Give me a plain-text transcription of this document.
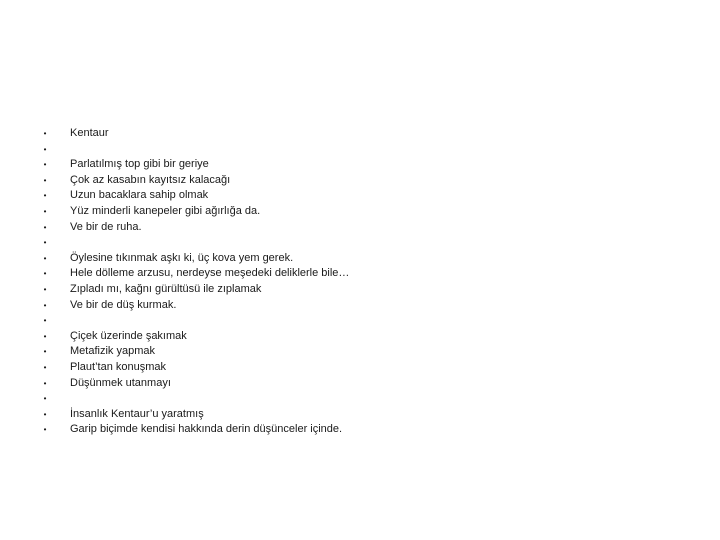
•	Kentaur
•
•	Parlatılmış top gibi bir geriye
•	Çok az kasabın kayıtsız kalacağı
•	Uzun bacaklara sahip olmak
•	Yüz minderli kanepeler gibi ağırlığa da.
•	Ve bir de ruha.
•
•	Öylesine tıkınmak aşkı ki, üç kova yem gerek.
•	Hele dölleme arzusu, nerdeyse meşedeki deliklerle bile…
•	Zıpladı mı, kağnı gürültüsü ile zıplamak
•	Ve bir de düş kurmak.
•
•	Çiçek üzerinde şakımak
•	Metafizik yapmak
•	Plaut’tan konuşmak
•	Düşünmek utanmayı
•
•	İnsanlık Kentaur’u yaratmış
•	Garip biçimde kendisi hakkında derin düşünceler içinde.
